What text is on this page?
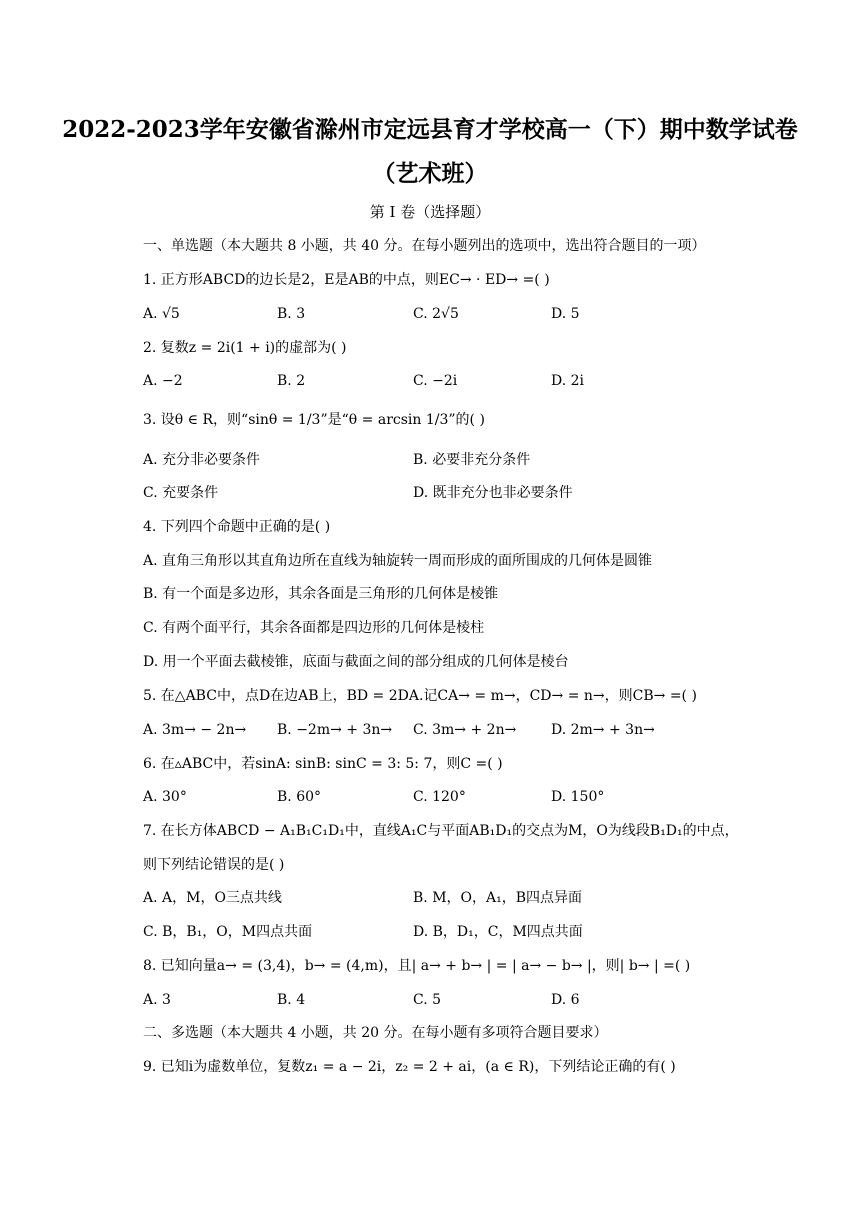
2022-2023学年安徽省滁州市定远县育才学校高一（下）期中数学试卷（艺术班）
第 I 卷（选择题）
一、单选题（本大题共 8 小题，共 40 分。在每小题列出的选项中，选出符合题目的一项）
1. 正方形ABCD的边长是2，E是AB的中点，则EC→ · ED→ =( )
A. √5	B. 3	C. 2√5	D. 5
2. 复数z = 2i(1 + i)的虚部为( )
A. −2	B. 2	C. −2i	D. 2i
3. 设θ ∈ R，则“sinθ = 1/3”是“θ = arcsin 1/3”的( )
A. 充分非必要条件	B. 必要非充分条件
C. 充要条件	D. 既非充分也非必要条件
4. 下列四个命题中正确的是( )
A. 直角三角形以其直角边所在直线为轴旋转一周而形成的面所围成的几何体是圆锥
B. 有一个面是多边形，其余各面是三角形的几何体是棱锥
C. 有两个面平行，其余各面都是四边形的几何体是棱柱
D. 用一个平面去截棱锥，底面与截面之间的部分组成的几何体是棱台
5. 在△ABC中，点D在边AB上，BD = 2DA.记CA→ = m→，CD→ = n→，则CB→ =( )
A. 3m→ − 2n→ B. −2m→ + 3n→ C. 3m→ + 2n→ D. 2m→ + 3n→
6. 在▵ABC中，若sinA: sinB: sinC = 3: 5: 7，则C =( )
A. 30°	B. 60°	C. 120°	D. 150°
7. 在长方体ABCD − A₁B₁C₁D₁中，直线A₁C与平面AB₁D₁的交点为M，O为线段B₁D₁的中点，
则下列结论错误的是( )
A. A，M，O三点共线	B. M，O，A₁，B四点异面
C. B，B₁，O，M四点共面	D. B，D₁，C，M四点共面
8. 已知向量a→ = (3,4)，b→ = (4,m)，且| a→ + b→ | = | a→ − b→ |，则| b→ | =( )
A. 3	B. 4	C. 5	D. 6
二、多选题（本大题共 4 小题，共 20 分。在每小题有多项符合题目要求）
9. 已知i为虚数单位，复数z₁ = a − 2i，z₂ = 2 + ai，(a ∈ R)，下列结论正确的有( )
